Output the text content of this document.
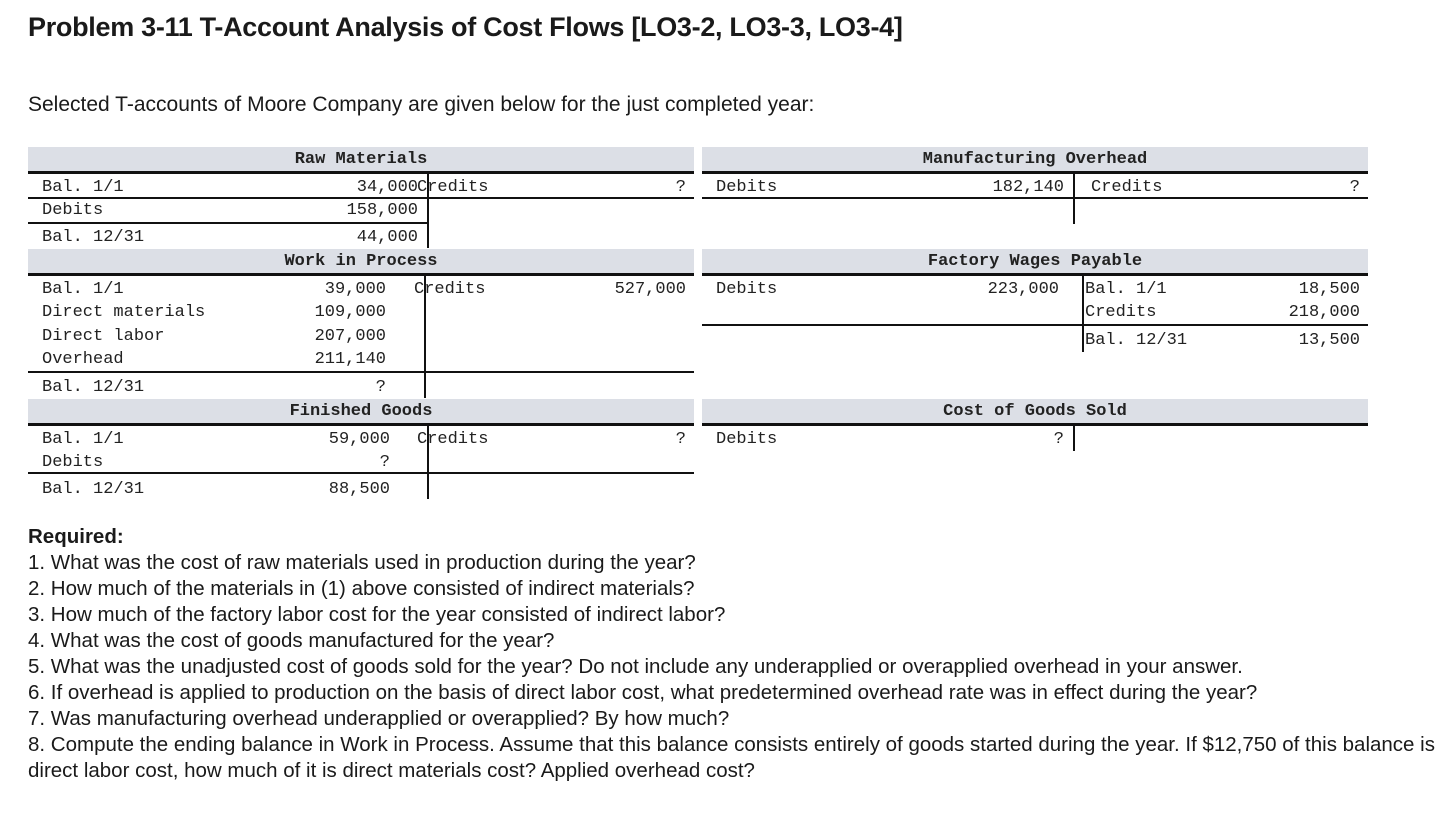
Problem 3-11 T-Account Analysis of Cost Flows [LO3-2, LO3-3, LO3-4]
Selected T-accounts of Moore Company are given below for the just completed year:
Raw Materials
Bal. 1/1	34,000
Debits	158,000
Credits	?
Bal. 12/31	44,000
Manufacturing Overhead
Debits	182,140 Credits	?
Work in Process
Bal. 1/1	39,000
Direct materials	109,000
Direct labor	207,000
Overhead	211,140
Credits	527,000
Bal. 12/31	?
Factory Wages Payable
Debits	223,000 Bal. 1/1	18,500
Credits	218,000
Bal. 12/31	13,500
Finished Goods
Bal. 1/1	59,000
Debits	?
Credits	?
Bal. 12/31	88,500
Cost of Goods Sold
Debits	?
Required:
1. What was the cost of raw materials used in production during the year?
2. How much of the materials in (1) above consisted of indirect materials?
3. How much of the factory labor cost for the year consisted of indirect labor?
4. What was the cost of goods manufactured for the year?
5. What was the unadjusted cost of goods sold for the year? Do not include any underapplied or overapplied overhead in your answer.
6. If overhead is applied to production on the basis of direct labor cost, what predetermined overhead rate was in effect during the year?
7. Was manufacturing overhead underapplied or overapplied? By how much?
8. Compute the ending balance in Work in Process. Assume that this balance consists entirely of goods started during the year. If $12,750 of this balance is direct labor cost, how much of it is direct materials cost? Applied overhead cost?
